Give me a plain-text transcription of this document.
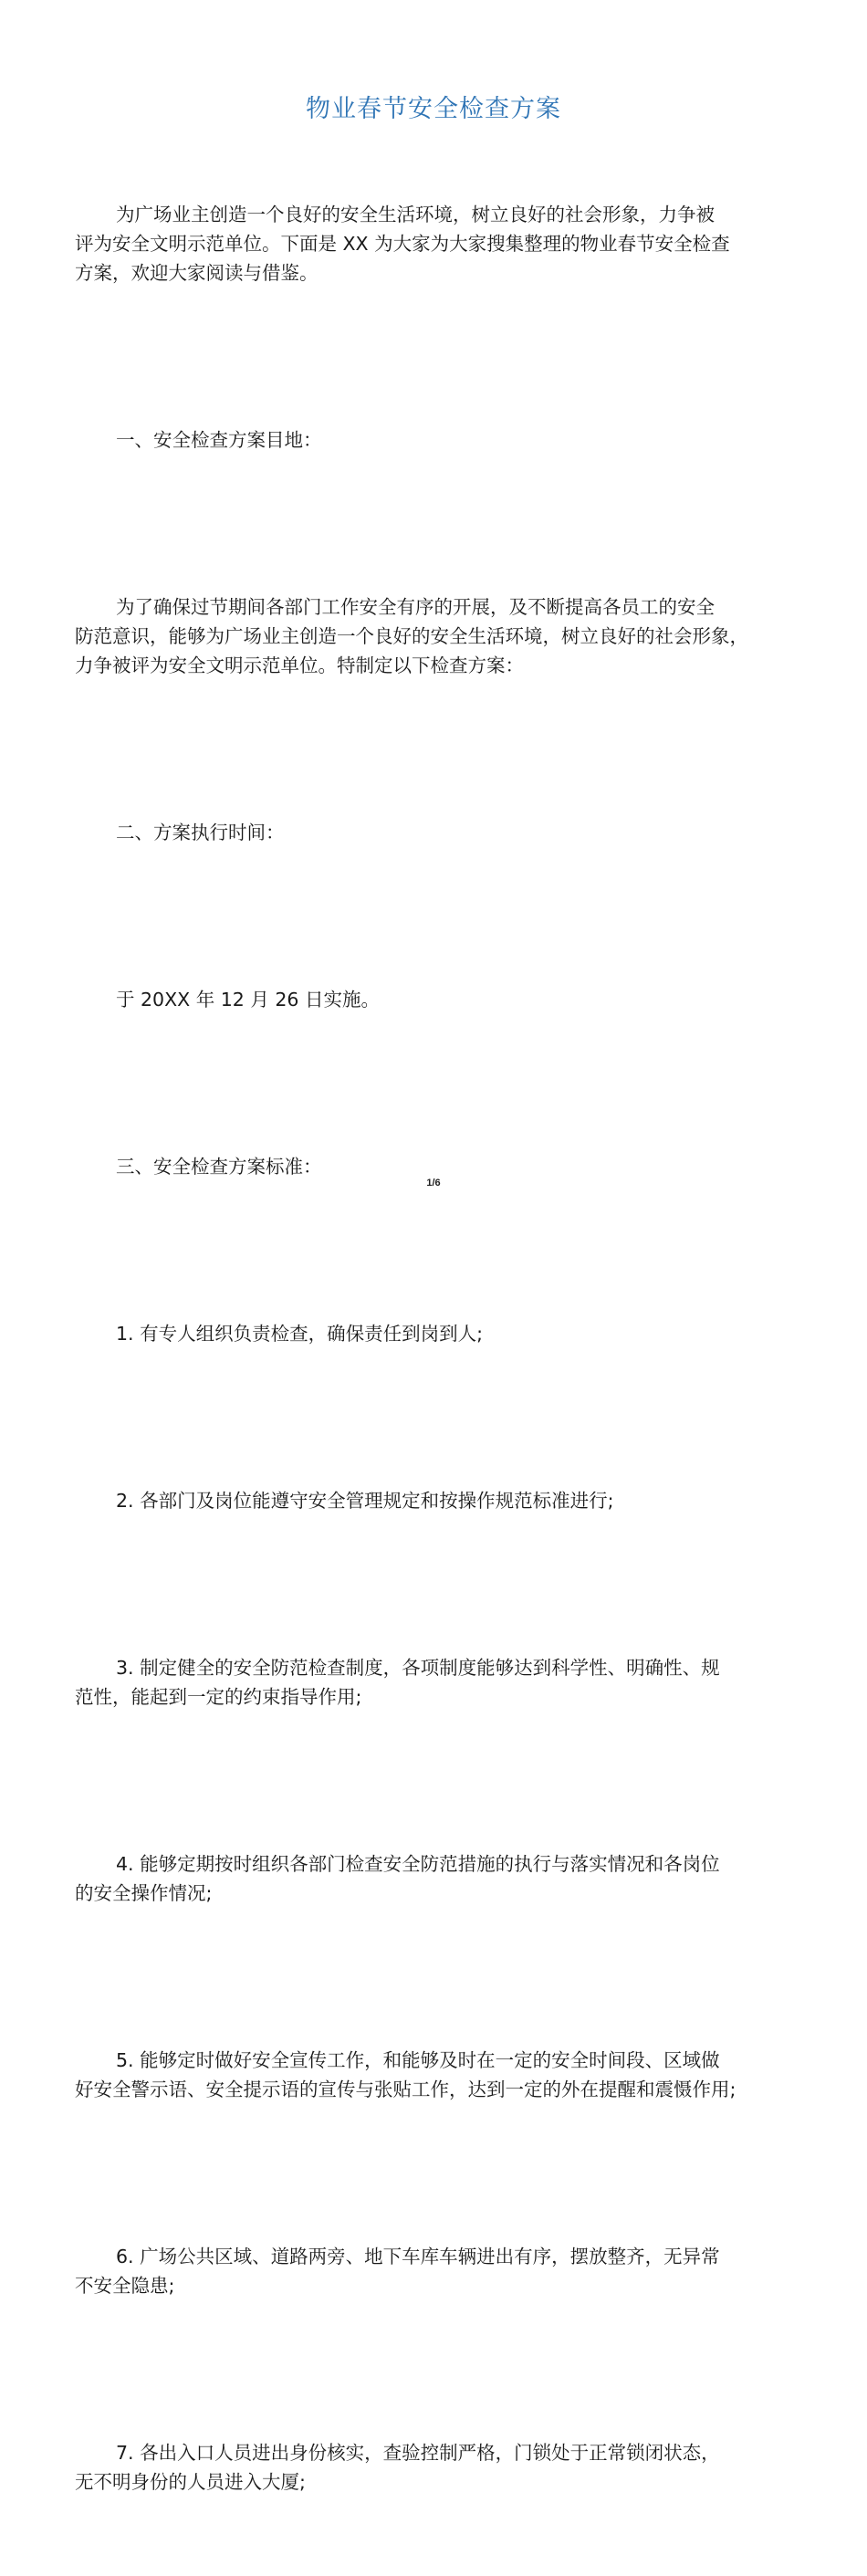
物业春节安全检查方案

为广场业主创造一个良好的安全生活环境，树立良好的社会形象，力争被
评为安全文明示范单位。下面是 XX 为大家为大家搜集整理的物业春节安全检查
方案，欢迎大家阅读与借鉴。

一、安全检查方案目地：

为了确保过节期间各部门工作安全有序的开展，及不断提高各员工的安全
防范意识，能够为广场业主创造一个良好的安全生活环境，树立良好的社会形象，
力争被评为安全文明示范单位。特制定以下检查方案：

二、方案执行时间：

于 20XX 年 12 月 26 日实施。

三、安全检查方案标准：

1. 有专人组织负责检查，确保责任到岗到人;

2. 各部门及岗位能遵守安全管理规定和按操作规范标准进行;

3. 制定健全的安全防范检查制度，各项制度能够达到科学性、明确性、规
范性，能起到一定的约束指导作用;

4. 能够定期按时组织各部门检查安全防范措施的执行与落实情况和各岗位
的安全操作情况;

5. 能够定时做好安全宣传工作，和能够及时在一定的安全时间段、区域做
好安全警示语、安全提示语的宣传与张贴工作，达到一定的外在提醒和震慑作用;

6. 广场公共区域、道路两旁、地下车库车辆进出有序，摆放整齐，无异常
不安全隐患;

7. 各出入口人员进出身份核实，查验控制严格，门锁处于正常锁闭状态，
无不明身份的人员进入大厦;

1/6
